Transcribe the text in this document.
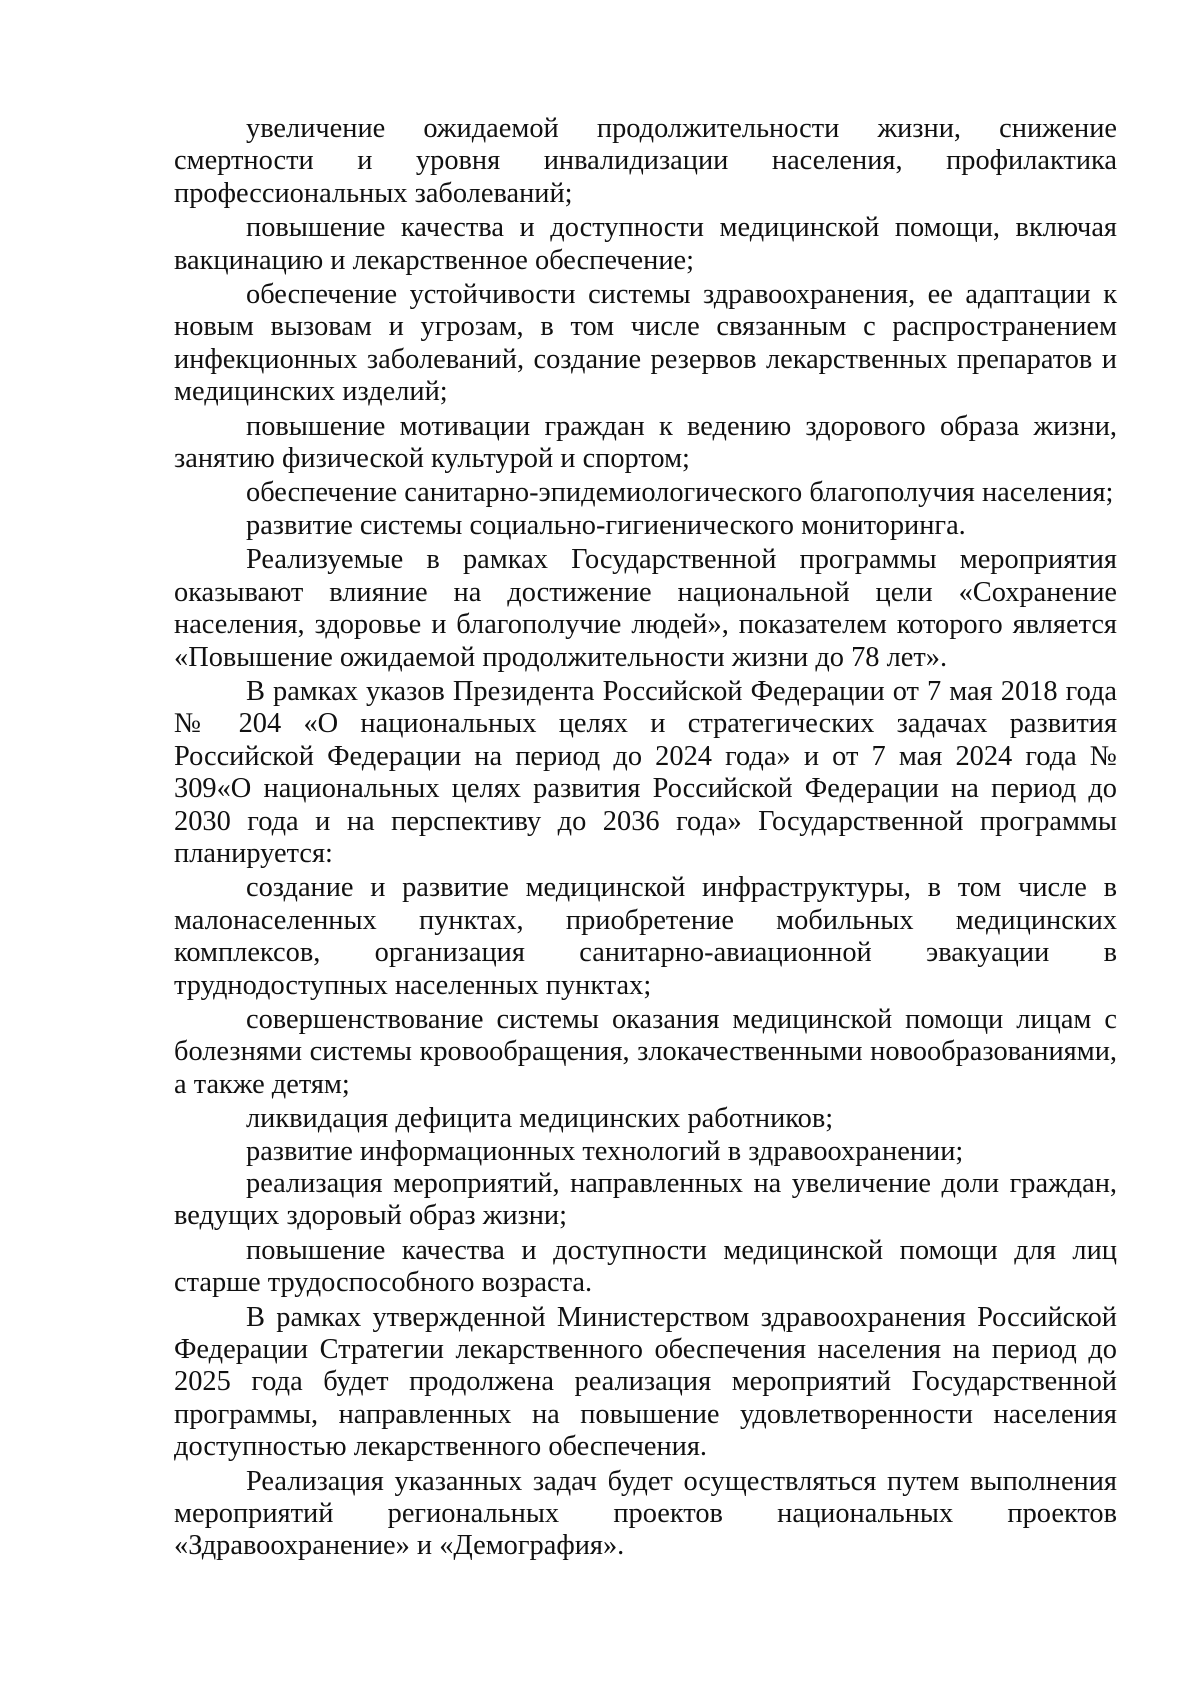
увеличение ожидаемой продолжительности жизни, снижение смертности и уровня инвалидизации населения, профилактика профессиональных заболеваний;

повышение качества и доступности медицинской помощи, включая вакцинацию и лекарственное обеспечение;

обеспечение устойчивости системы здравоохранения, ее адаптации к новым вызовам и угрозам, в том числе связанным с распространением инфекционных заболеваний, создание резервов лекарственных препаратов и медицинских изделий;

повышение мотивации граждан к ведению здорового образа жизни, занятию физической культурой и спортом;

обеспечение санитарно-эпидемиологического благополучия населения;

развитие системы социально-гигиенического мониторинга.

Реализуемые в рамках Государственной программы мероприятия оказывают влияние на достижение национальной цели «Сохранение населения, здоровье и благополучие людей», показателем которого является «Повышение ожидаемой продолжительности жизни до 78 лет».

В рамках указов Президента Российской Федерации от 7 мая 2018 года № 204 «О национальных целях и стратегических задачах развития Российской Федерации на период до 2024 года» и от 7 мая 2024 года № 309«О национальных целях развития Российской Федерации на период до 2030 года и на перспективу до 2036 года» Государственной программы планируется:

создание и развитие медицинской инфраструктуры, в том числе в малонаселенных пунктах, приобретение мобильных медицинских комплексов, организация санитарно-авиационной эвакуации в труднодоступных населенных пунктах;

совершенствование системы оказания медицинской помощи лицам с болезнями системы кровообращения, злокачественными новообразованиями, а также детям;

ликвидация дефицита медицинских работников;

развитие информационных технологий в здравоохранении;

реализация мероприятий, направленных на увеличение доли граждан, ведущих здоровый образ жизни;

повышение качества и доступности медицинской помощи для лиц старше трудоспособного возраста.

В рамках утвержденной Министерством здравоохранения Российской Федерации Стратегии лекарственного обеспечения населения на период до 2025 года будет продолжена реализация мероприятий Государственной программы, направленных на повышение удовлетворенности населения доступностью лекарственного обеспечения.

Реализация указанных задач будет осуществляться путем выполнения мероприятий региональных проектов национальных проектов «Здравоохранение» и «Демография».
